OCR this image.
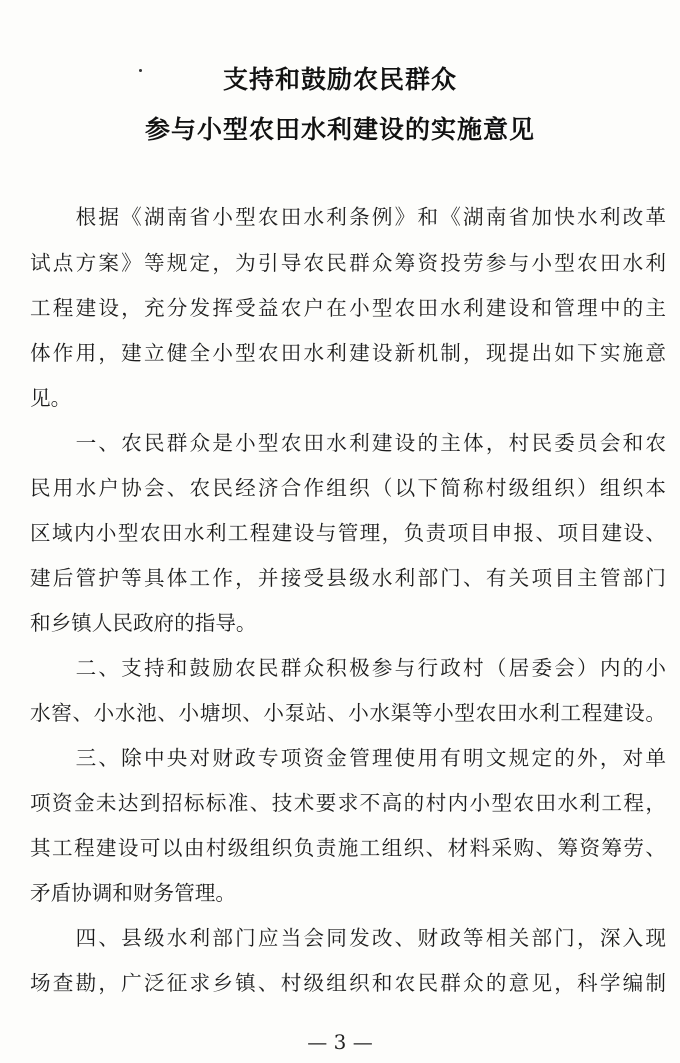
支持和鼓励农民群众
参与小型农田水利建设的实施意见
　　根据《湖南省小型农田水利条例》和《湖南省加快水利改革
试点方案》等规定，为引导农民群众筹资投劳参与小型农田水利
工程建设，充分发挥受益农户在小型农田水利建设和管理中的主
体作用，建立健全小型农田水利建设新机制，现提出如下实施意
见。
　　一、农民群众是小型农田水利建设的主体，村民委员会和农
民用水户协会、农民经济合作组织（以下简称村级组织）组织本
区域内小型农田水利工程建设与管理，负责项目申报、项目建设、
建后管护等具体工作，并接受县级水利部门、有关项目主管部门
和乡镇人民政府的指导。
　　二、支持和鼓励农民群众积极参与行政村（居委会）内的小
水窖、小水池、小塘坝、小泵站、小水渠等小型农田水利工程建设。
　　三、除中央对财政专项资金管理使用有明文规定的外，对单
项资金未达到招标标准、技术要求不高的村内小型农田水利工程，
其工程建设可以由村级组织负责施工组织、材料采购、筹资筹劳、
矛盾协调和财务管理。
　　四、县级水利部门应当会同发改、财政等相关部门，深入现
场查勘，广泛征求乡镇、村级组织和农民群众的意见，科学编制
— 3 —
